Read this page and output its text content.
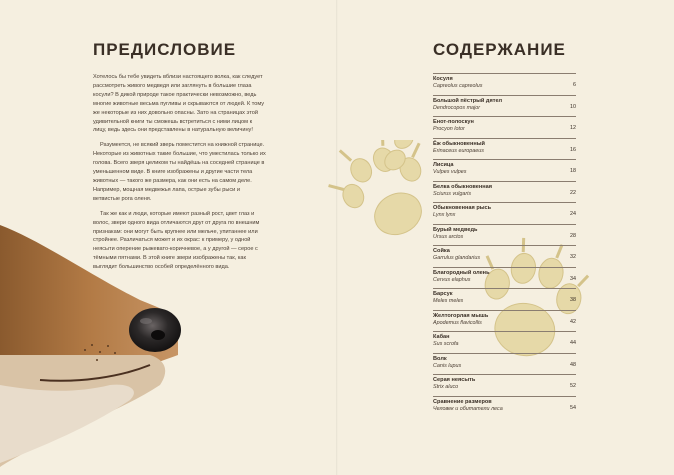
ПРЕДИСЛОВИЕ

Хотелось бы тебе увидеть вблизи настоящего волка, как следует рассмотреть живого медведя или заглянуть в большие глаза косули? В дикой природе такое практически невозможно, ведь многие животные весьма пугливы и скрываются от людей. К тому же некоторые из них довольно опасны. Зато на страницах этой удивительной книги ты сможешь встретиться с ними лицом к лицу, ведь здесь они представлены в натуральную величину!

Разумеется, не всякий зверь поместится на книжной странице. Некоторые из животных такие большие, что уместилась только их голова. Всего зверя целиком ты найдёшь на соседней странице в уменьшенном виде. В книге изображены и другие части тела животных — такого же размера, как они есть на самом деле. Например, мощная медвежья лапа, острые зубы рыси и ветвистые рога оленя.

Так же как и люди, которые имеют разный рост, цвет глаз и волос, звери одного вида отличаются друг от друга по внешним признакам: они могут быть крупнее или мельче, упитаннее или стройнее. Различаться может и их окрас: к примеру, у одной неясыти оперение рыжевато-коричневое, а у другой — серое с тёмными пятнами. В этой книге звери изображены так, как выглядит большинство особей определённого вида.

СОДЕРЖАНИЕ
Косуля
Capreolus capreolus	6
Большой пёстрый дятел
Dendrocopos major	10
Енот-полоскун
Procyon lotor	12
Ёж обыкновенный
Erinaceus europaeus	16
Лисица
Vulpes vulpes	18
Белка обыкновенная
Sciurus vulgaris	22
Обыкновенная рысь
Lynx lynx	24
Бурый медведь
Ursus arctos	28
Сойка
Garrulus glandarius	32
Благородный олень
Cervus elaphus	34
Барсук
Meles meles	38
Желтогорлая мышь
Apodemus flavicollis	42
Кабан
Sus scrofa	44
Волк
Canis lupus	48
Серая неясыть
Strix aluco	52
Сравнение размеров
Человек и обитатели леса	54
